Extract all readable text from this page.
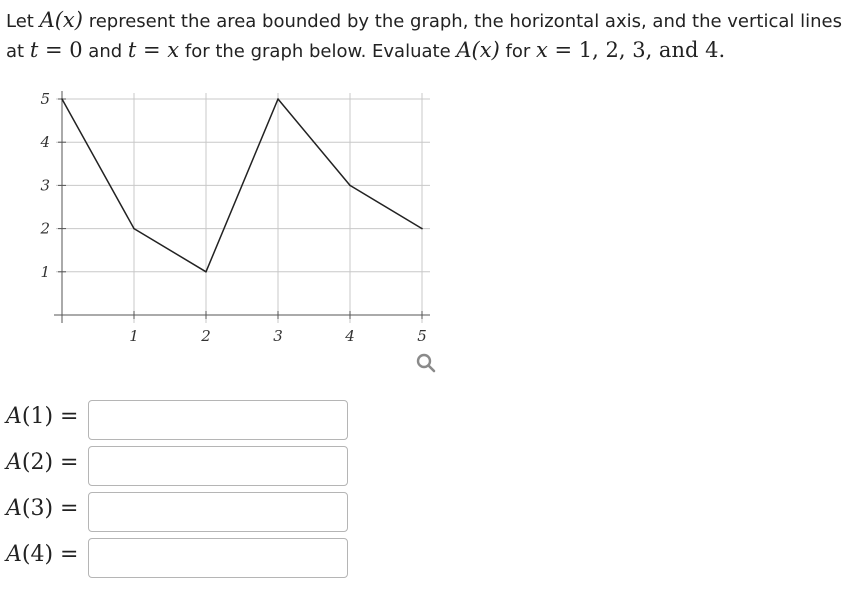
Let A(x) represent the area bounded by the graph, the horizontal axis, and the vertical lines at t = 0 and t = x for the graph below. Evaluate A(x) for x = 1, 2, 3, and 4.
1	2	3	4	5
1
2
3
4
5
A(1) =
A(2) =
A(3) =
A(4) =
